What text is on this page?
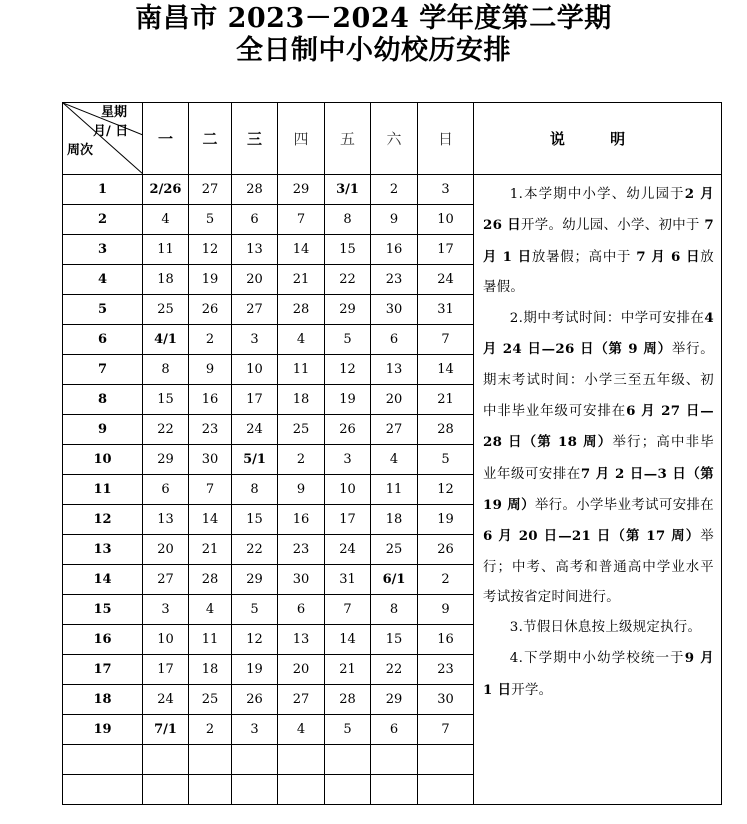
南昌市 2023－2024 学年度第二学期
全日制中小幼校历安排
星期
月/ 日
周次	一	二	三	四	五	六	日	说 明
1	2/26	27	28	29	3/1	2	3	1.本学期中小学、幼儿园于2 月 26 日开学。幼儿园、小学、初中于 7 月 1 日放暑假；高中于 7 月 6 日放暑假。

2.期中考试时间：中学可安排在4 月 24 日—26 日（第 9 周）举行。期末考试时间：小学三至五年级、初中非毕业年级可安排在6 月 27 日—28 日（第 18 周）举行；高中非毕业年级可安排在7 月 2 日—3 日（第 19 周）举行。小学毕业考试可安排在6 月 20 日—21 日（第 17 周）举行；中考、高考和普通高中学业水平考试按省定时间进行。

3.节假日休息按上级规定执行。

4.下学期中小幼学校统一于9 月 1 日开学。

2	4	5	6	7	8	9	10	
3	11	12	13	14	15	16	17	
4	18	19	20	21	22	23	24	
5	25	26	27	28	29	30	31	
6	4/1	2	3	4	5	6	7	
7	8	9	10	11	12	13	14	
8	15	16	17	18	19	20	21	
9	22	23	24	25	26	27	28	
10	29	30	5/1	2	3	4	5	
11	6	7	8	9	10	11	12	
12	13	14	15	16	17	18	19	
13	20	21	22	23	24	25	26	
14	27	28	29	30	31	6/1	2	
15	3	4	5	6	7	8	9	
16	10	11	12	13	14	15	16	
17	17	18	19	20	21	22	23	
18	24	25	26	27	28	29	30	
19	7/1	2	3	4	5	6	7	
